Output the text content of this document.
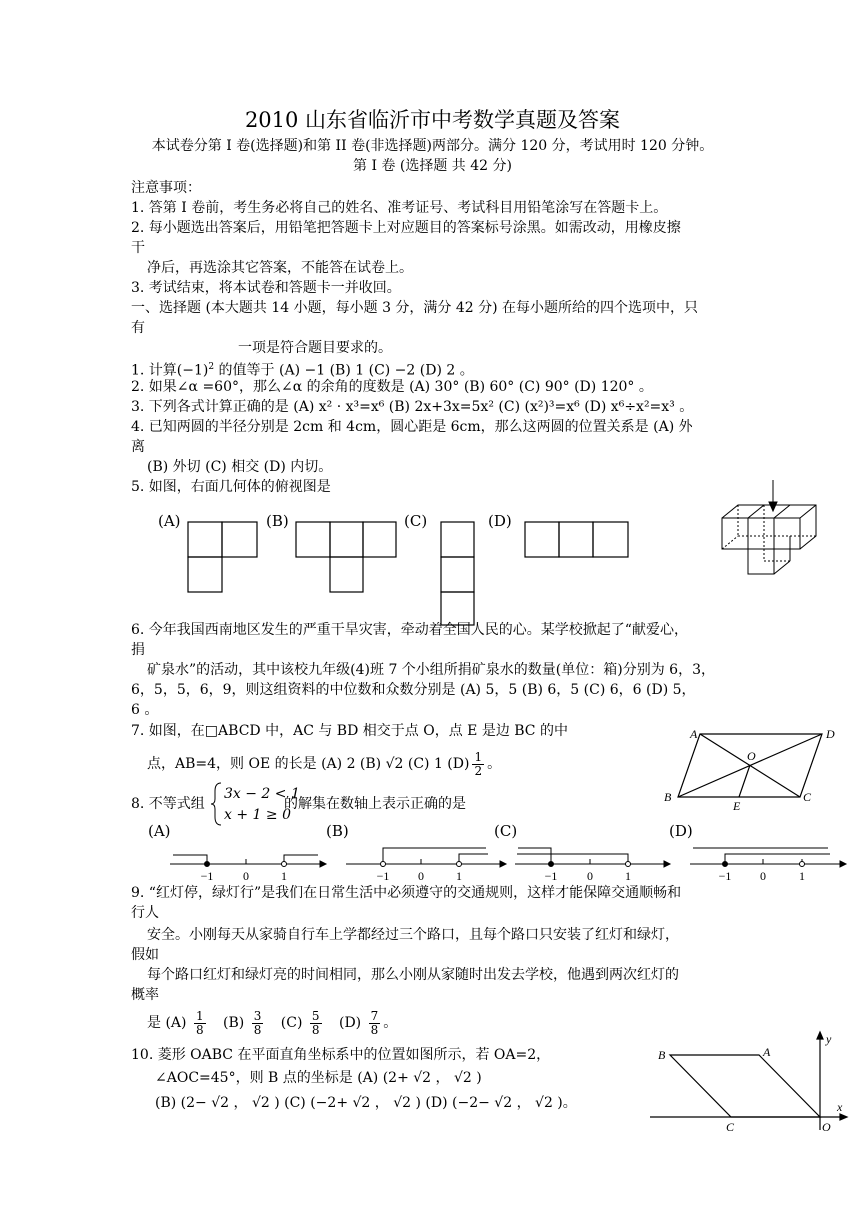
2010 山东省临沂市中考数学真题及答案
本试卷分第 I 卷(选择题)和第 II 卷(非选择题)两部分。满分 120 分，考试用时 120 分钟。
第 I 卷 (选择题 共 42 分)
注意事项：
1. 答第 I 卷前，考生务必将自己的姓名、准考证号、考试科目用铅笔涂写在答题卡上。
2. 每小题选出答案后，用铅笔把答题卡上对应题目的答案标号涂黑。如需改动，用橡皮擦
干
净后，再选涂其它答案，不能答在试卷上。
3. 考试结束，将本试卷和答题卡一并收回。
一、选择题 (本大题共 14 小题，每小题 3 分，满分 42 分) 在每小题所给的四个选项中，只
有
一项是符合题目要求的。
1. 计算$(-1)^2$ 的值等于 (A) −1 (B) 1 (C) −2 (D) 2 。
2. 如果∠α =60°，那么∠α 的余角的度数是 (A) 30° (B) 60° (C) 90° (D) 120° 。
3. 下列各式计算正确的是 (A) x² · x³=x⁶ (B) 2x+3x=5x² (C) (x²)³=x⁶ (D) x⁶÷x²=x³ 。
4. 已知两圆的半径分别是 2cm 和 4cm，圆心距是 6cm，那么这两圆的位置关系是 (A) 外
离
(B) 外切 (C) 相交 (D) 内切。
5. 如图，右面几何体的俯视图是
(A)	(B)	(C)	(D)
6. 今年我国西南地区发生的严重干旱灾害，牵动着全国人民的心。某学校掀起了“献爱心，
捐
矿泉水”的活动，其中该校九年级(4)班 7 个小组所捐矿泉水的数量(单位：箱)分别为 6，3，
6，5，5，6，9，则这组资料的中位数和众数分别是 (A) 5，5 (B) 6，5 (C) 6，6 (D) 5，
6 。
7. 如图，在□ABCD 中，AC 与 BD 相交于点 O，点 E 是边 BC 的中
点，AB=4，则 OE 的长是 (A) 2 (B) √2 (C) 1 $(D) \frac{1}{2}$ 。
A	D
O
B	C
E
8. 不等式组
3x − 2 < 1
x + 1 ≥ 0
的解集在数轴上表示正确的是
(A)	(B)	(C)	(D)
−1 0	1	−1 0	1	−1 0	1	−1 0	1
9. “红灯停，绿灯行”是我们在日常生活中必须遵守的交通规则，这样才能保障交通顺畅和
行人
安全。小刚每天从家骑自行车上学都经过三个路口，且每个路口只安装了红灯和绿灯，
假如
每个路口红灯和绿灯亮的时间相同，那么小刚从家随时出发去学校，他遇到两次红灯的
概率
是 $(A) \frac{1}{8} (B) \frac{3}{8} (C) \frac{5}{8} (D) \frac{7}{8}$ 。
10. 菱形 OABC 在平面直角坐标系中的位置如图所示，若 OA=2，
∠AOC=45°，则 B 点的坐标是 (A) (2+ √2 ， √2 )
(B) (2− √2 ， √2 ) (C) (−2+ √2 ， √2 ) (D) (−2− √2 ， √2 )。
B	A
C	O
x
y
